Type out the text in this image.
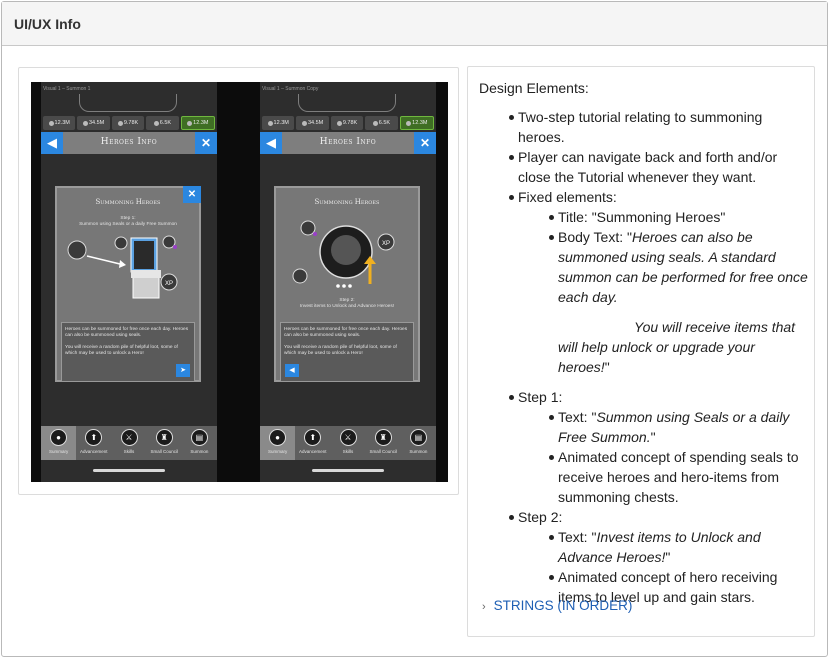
UI/UX Info
Visual 1 – Summon 1
12.3M	34.5M	9.78K	6.5K	12.3M
◀	Heroes Info	✕
✕
Summoning Heroes
Step 1:
Summon using Seals or a daily Free Summon
XP
Heroes can be summoned for free once each day. Heroes can also be summoned using seals.
You will receive a random pile of helpful loot, some of which may be used to unlock a Hero!
➤
●
Summary
⬆
Advancement
⚔
Skills
♜
Small Council
▤
Summon
Visual 1 – Summon Copy
12.3M	34.5M	9.78K	6.5K	12.3M
◀	Heroes Info	✕
Summoning Heroes
XP
Step 2:
Invest items to Unlock and Advance Heroes!
Heroes can be summoned for free once each day. Heroes can also be summoned using seals.
You will receive a random pile of helpful loot, some of which may be used to unlock a Hero!
◀
●
Summary
⬆
Advancement
⚔
Skills
♜
Small Council
▤
Summon
Design Elements:
Two-step tutorial relating to summoning heroes.
Player can navigate back and forth and/or close the Tutorial whenever they want.
Fixed elements:
Title: "Summoning Heroes"
Body Text: "Heroes can also be summoned using seals. A standard summon can be performed for free once each day.
You will receive items that will help unlock or upgrade your heroes!"
Step 1:
Text: "Summon using Seals or a daily Free Summon."
Animated concept of spending seals to receive heroes and hero-items from summoning chests.
Step 2:
Text: "Invest items to Unlock and Advance Heroes!"
Animated concept of hero receiving items to level up and gain stars.
› STRINGS (IN ORDER)
